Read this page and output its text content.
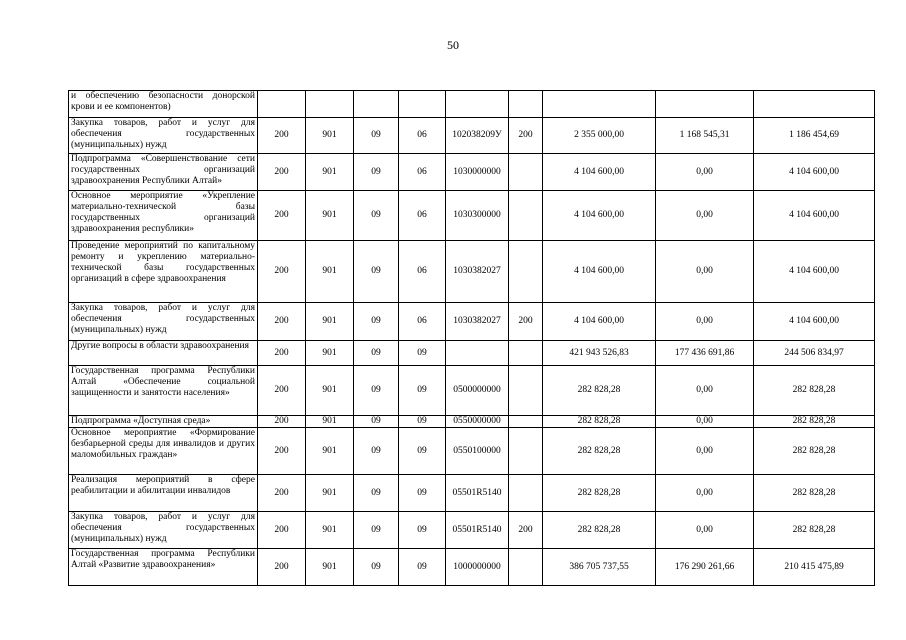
50
и обеспечению безопасности донорской крови и ее компонентов)									
Закупка товаров, работ и услуг для обеспечения государственных (муниципальных) нужд	200	901	09	06	102038209У	200	2 355 000,00	1 168 545,31	1 186 454,69
Подпрограмма «Совершенствование сети государственных организаций здравоохранения Республики Алтай»	200	901	09	06	1030000000		4 104 600,00	0,00	4 104 600,00
Основное мероприятие «Укрепление материально-технической базы государственных организаций здравоохранения республики»	200	901	09	06	1030300000		4 104 600,00	0,00	4 104 600,00
Проведение мероприятий по капитальному ремонту и укреплению материально-технической базы государственных организаций в сфере здравоохранения	200	901	09	06	1030382027		4 104 600,00	0,00	4 104 600,00
Закупка товаров, работ и услуг для обеспечения государственных (муниципальных) нужд	200	901	09	06	1030382027	200	4 104 600,00	0,00	4 104 600,00
Другие вопросы в области здравоохранения	200	901	09	09			421 943 526,83	177 436 691,86	244 506 834,97
Государственная программа Республики Алтай «Обеспечение социальной защищенности и занятости населения»	200	901	09	09	0500000000		282 828,28	0,00	282 828,28
Подпрограмма «Доступная среда»	200	901	09	09	0550000000		282 828,28	0,00	282 828,28
Основное мероприятие «Формирование безбарьерной среды для инвалидов и других маломобильных граждан»	200	901	09	09	0550100000		282 828,28	0,00	282 828,28
Реализация мероприятий в сфере реабилитации и абилитации инвалидов	200	901	09	09	05501R5140		282 828,28	0,00	282 828,28
Закупка товаров, работ и услуг для обеспечения государственных (муниципальных) нужд	200	901	09	09	05501R5140	200	282 828,28	0,00	282 828,28
Государственная программа Республики Алтай «Развитие здравоохранения»	200	901	09	09	1000000000		386 705 737,55	176 290 261,66	210 415 475,89
